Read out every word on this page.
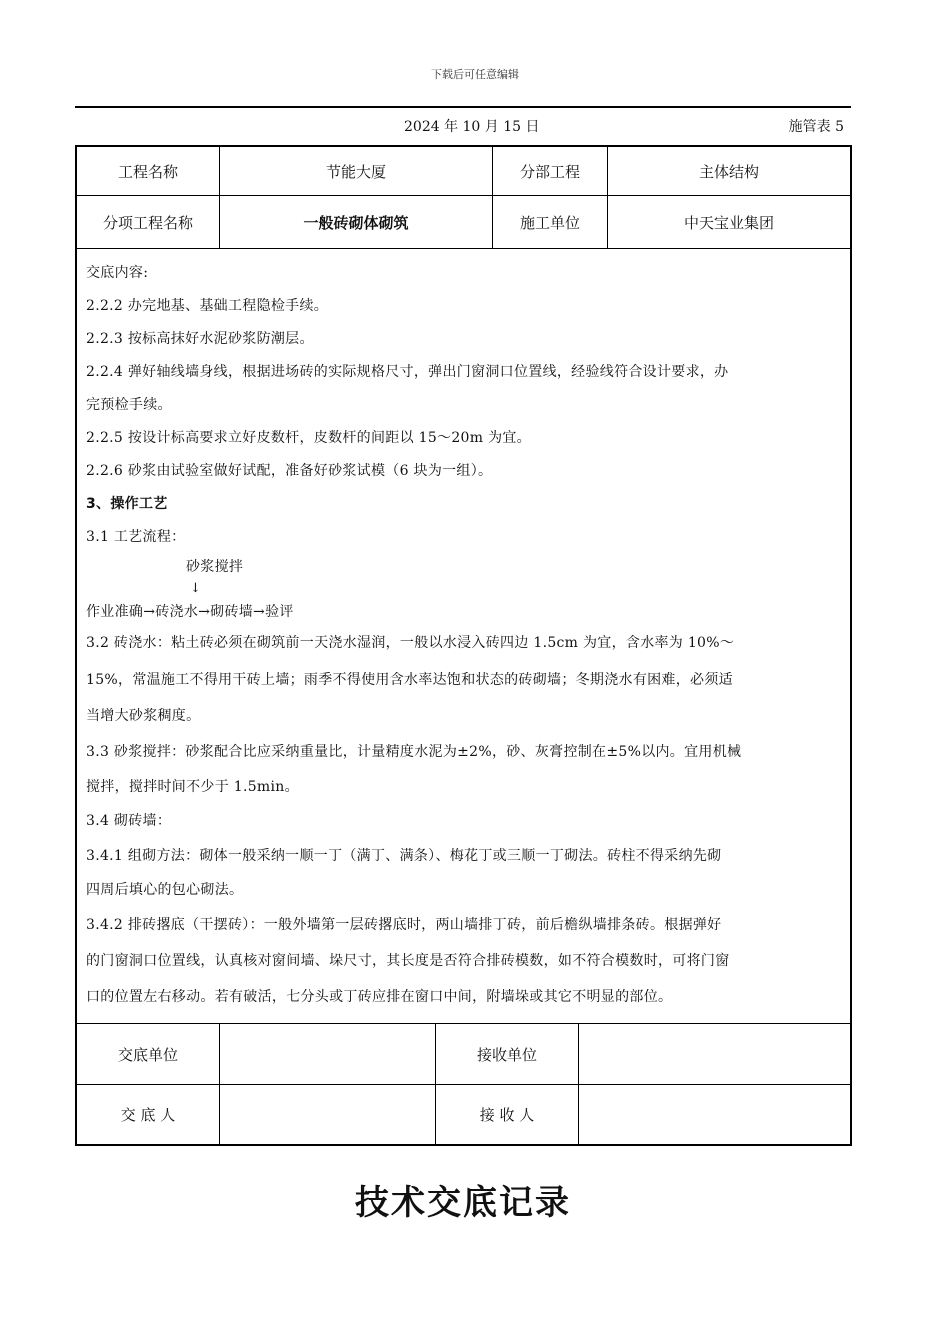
下载后可任意编辑
2024 年 10 月 15 日	施管表 5
工程名称	节能大厦	分部工程	主体结构
分项工程名称	一般砖砌体砌筑	施工单位	中天宝业集团

交底内容:

2.2.2 办完地基、基础工程隐检手续。

2.2.3 按标高抹好水泥砂浆防潮层。

2.2.4 弹好轴线墙身线，根据进场砖的实际规格尺寸，弹出门窗洞口位置线，经验线符合设计要求，办

完预检手续。

2.2.5 按设计标高要求立好皮数杆，皮数杆的间距以 15～20m 为宜。

2.2.6 砂浆由试验室做好试配，准备好砂浆试模（6 块为一组）。

3、操作工艺

3.1 工艺流程：

砂浆搅拌

↓

作业准确→砖浇水→砌砖墙→验评

3.2 砖浇水：粘土砖必须在砌筑前一天浇水湿润，一般以水浸入砖四边 1.5cm 为宜，含水率为 10%～

15%，常温施工不得用干砖上墙；雨季不得使用含水率达饱和状态的砖砌墙；冬期浇水有困难，必须适

当增大砂浆稠度。

3.3 砂浆搅拌：砂浆配合比应采纳重量比，计量精度水泥为±2%，砂、灰膏控制在±5%以内。宜用机械

搅拌，搅拌时间不少于 1.5min。

3.4 砌砖墙：

3.4.1 组砌方法：砌体一般采纳一顺一丁（满丁、满条）、梅花丁或三顺一丁砌法。砖柱不得采纳先砌

四周后填心的包心砌法。

3.4.2 排砖撂底（干摆砖）：一般外墙第一层砖撂底时，两山墙排丁砖，前后檐纵墙排条砖。根据弹好

的门窗洞口位置线，认真核对窗间墙、垛尺寸，其长度是否符合排砖模数，如不符合模数时，可将门窗

口的位置左右移动。若有破活，七分头或丁砖应排在窗口中间，附墙垛或其它不明显的部位。

交底单位	接收单位
交 底 人	接 收 人
技术交底记录
